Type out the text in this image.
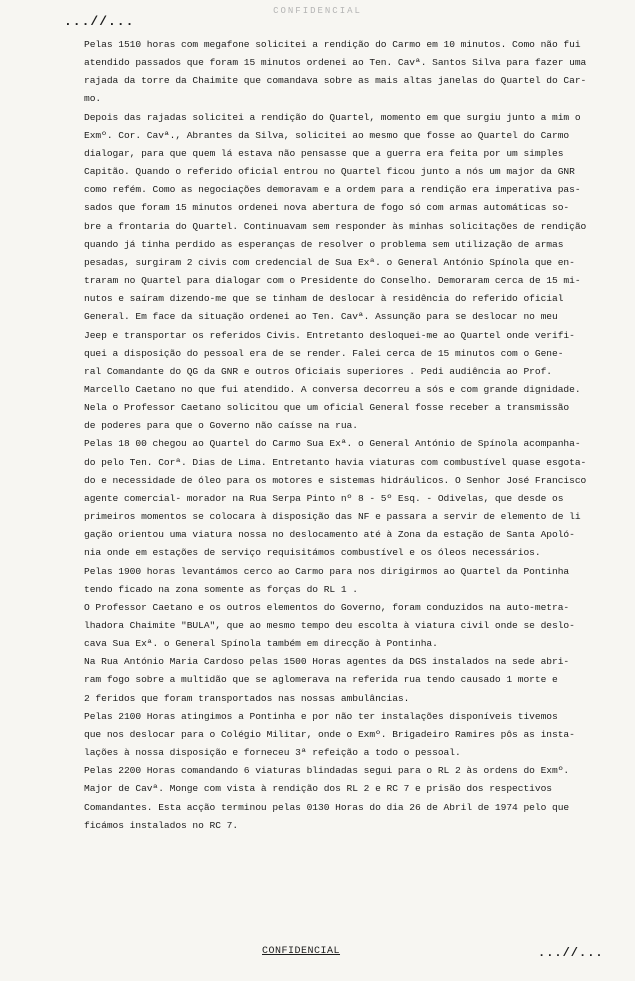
CONFIDENCIAL
...//...
Pelas 1510 horas com megafone solicitei a rendição do Carmo em 10 minutos. Como não fui
atendido passados que foram 15 minutos ordenei ao Ten. Cavª. Santos Silva para fazer uma
rajada da torre da Chaimite que comandava sobre as mais altas janelas do Quartel do Car-
mo.
Depois das rajadas solicitei a rendição do Quartel, momento em que surgiu junto a mim o
Exmº. Cor. Cavª., Abrantes da Silva, solicitei ao mesmo que fosse ao Quartel do Carmo
dialogar, para que quem lá estava não pensasse que a guerra era feita por um simples
Capitão. Quando o referido oficial entrou no Quartel ficou junto a nós um major da GNR
como refém. Como as negociações demoravam e a ordem para a rendição era imperativa pas-
sados que foram 15 minutos ordenei nova abertura de fogo só com armas automáticas so-
bre a frontaria do Quartel. Continuavam sem responder às minhas solicitações de rendição
quando já tinha perdido as esperanças de resolver o problema sem utilização de armas
pesadas, surgiram 2 civis com credencial de Sua Exª. o General António Spínola que en-
traram no Quartel para dialogar com o Presidente do Conselho. Demoraram cerca de 15 mi-
nutos e saíram dizendo-me que se tinham de deslocar à residência do referido oficial
General. Em face da situação ordenei ao Ten. Cavª. Assunção para se deslocar no meu
Jeep e transportar os referidos Civis. Entretanto desloquei-me ao Quartel onde verifi-
quei a disposição do pessoal era de se render. Falei cerca de 15 minutos com o Gene-
ral Comandante do QG da GNR e outros Oficiais superiores . Pedi audiência ao Prof.
Marcello Caetano no que fui atendido. A conversa decorreu a sós e com grande dignidade.
Nela o Professor Caetano solicitou que um oficial General fosse receber a transmissão
de poderes para que o Governo não caísse na rua.
Pelas 18 00 chegou ao Quartel do Carmo Sua Exª. o General António de Spínola acompanha-
do pelo Ten. Corª. Dias de Lima. Entretanto havia viaturas com combustível quase esgota-
do e necessidade de óleo para os motores e sistemas hidráulicos. O Senhor José Francisco
agente comercial- morador na Rua Serpa Pinto nº 8 - 5º Esq. - Odivelas, que desde os
primeiros momentos se colocara à disposição das NF e passara a servir de elemento de li
gação orientou uma viatura nossa no deslocamento até à Zona da estação de Santa Apoló-
nia onde em estações de serviço requisitámos combustível e os óleos necessários.
Pelas 1900 horas levantámos cerco ao Carmo para nos dirigirmos ao Quartel da Pontinha
tendo ficado na zona somente as forças do RL 1 .
O Professor Caetano e os outros elementos do Governo, foram conduzidos na auto-metra-
lhadora Chaimite "BULA", que ao mesmo tempo deu escolta à viatura civil onde se deslo-
cava Sua Exª. o General Spínola também em direcção à Pontinha.
Na Rua António Maria Cardoso pelas 1500 Horas agentes da DGS instalados na sede abri-
ram fogo sobre a multidão que se aglomerava na referida rua tendo causado 1 morte e
2 feridos que foram transportados nas nossas ambulâncias.
Pelas 2100 Horas atingimos a Pontinha e por não ter instalações disponíveis tivemos
que nos deslocar para o Colégio Militar, onde o Exmº. Brigadeiro Ramires pôs as insta-
lações à nossa disposição e forneceu 3ª refeição a todo o pessoal.
Pelas 2200 Horas comandando 6 viaturas blindadas segui para o RL 2 às ordens do Exmº.
Major de Cavª. Monge com vista à rendição dos RL 2 e RC 7 e prisão dos respectivos
Comandantes. Esta acção terminou pelas 0130 Horas do dia 26 de Abril de 1974 pelo que
ficámos instalados no RC 7.
CONFIDENCIAL	...//...
